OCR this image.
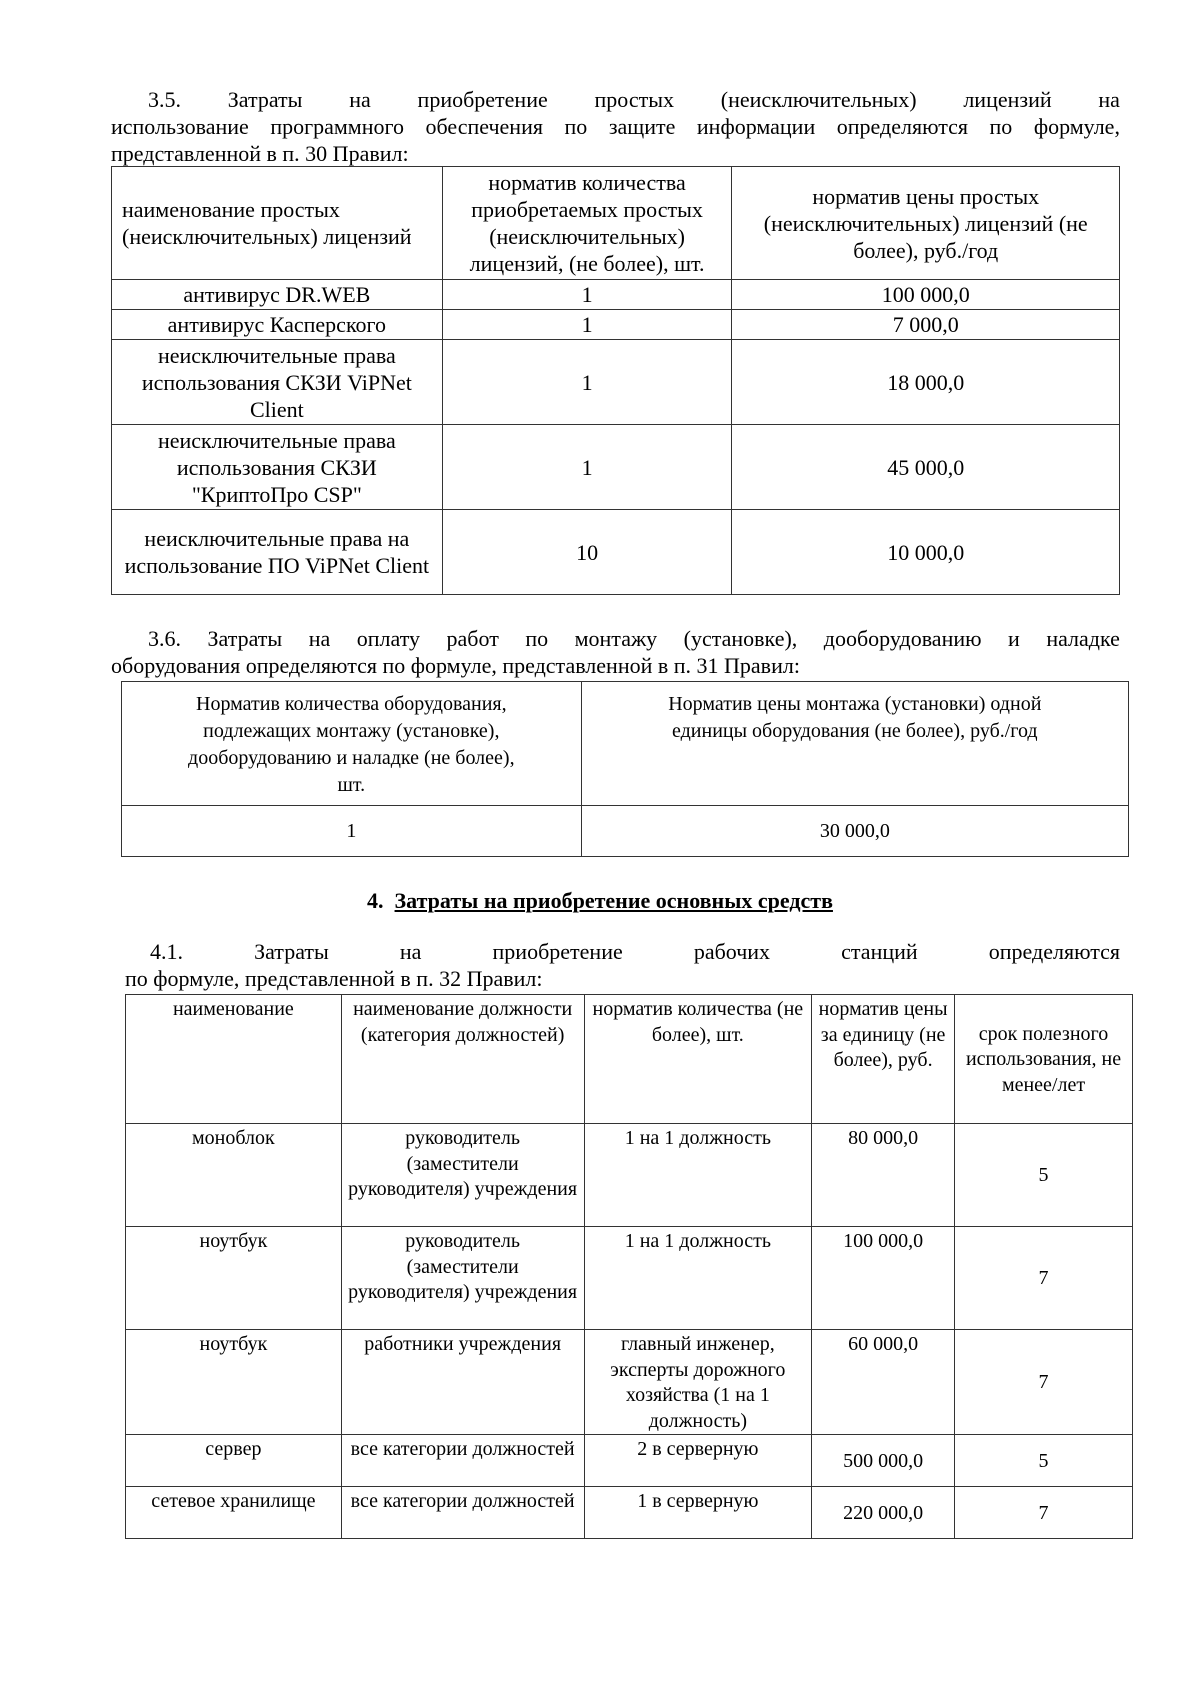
3.5. Затраты на приобретение простых (неисключительных) лицензий на
использование программного обеспечения по защите информации определяются по формуле,
представленной в п. 30 Правил:
наименование простых (неисключительных) лицензий	норматив количества приобретаемых простых (неисключительных) лицензий, (не более), шт.	норматив цены простых (неисключительных) лицензий (не более), руб./год
антивирус DR.WEB	1	100 000,0
антивирус Касперского	1	7 000,0
неисключительные права использования СКЗИ ViPNet Client	1	18 000,0
неисключительные права использования СКЗИ "КриптоПро CSP"	1	45 000,0
неисключительные права на использование ПО ViPNet Client	10	10 000,0
3.6. Затраты на оплату работ по монтажу (установке), дооборудованию и наладке
оборудования определяются по формуле, представленной в п. 31 Правил:
Норматив количества оборудования, подлежащих монтажу (установке), дооборудованию и наладке (не более), шт.	Норматив цены монтажа (установки) одной единицы оборудования (не более), руб./год
1	30 000,0
4. Затраты на приобретение основных средств
4.1.	Затраты	на	приобретение	рабочих	станций	определяются
по формуле, представленной в п. 32 Правил:
наименование	наименование должности (категория должностей)	норматив количества (не более), шт.	норматив цены за единицу (не более), руб.	срок полезного использования, не менее/лет
моноблок	руководитель (заместители руководителя) учреждения	1 на 1 должность	80 000,0	5
ноутбук	руководитель (заместители руководителя) учреждения	1 на 1 должность	100 000,0	7
ноутбук	работники учреждения	главный инженер, эксперты дорожного хозяйства (1 на 1 должность)	60 000,0	7
сервер	все категории должностей	2 в серверную	500 000,0	5
сетевое хранилище	все категории должностей	1 в серверную	220 000,0	7
